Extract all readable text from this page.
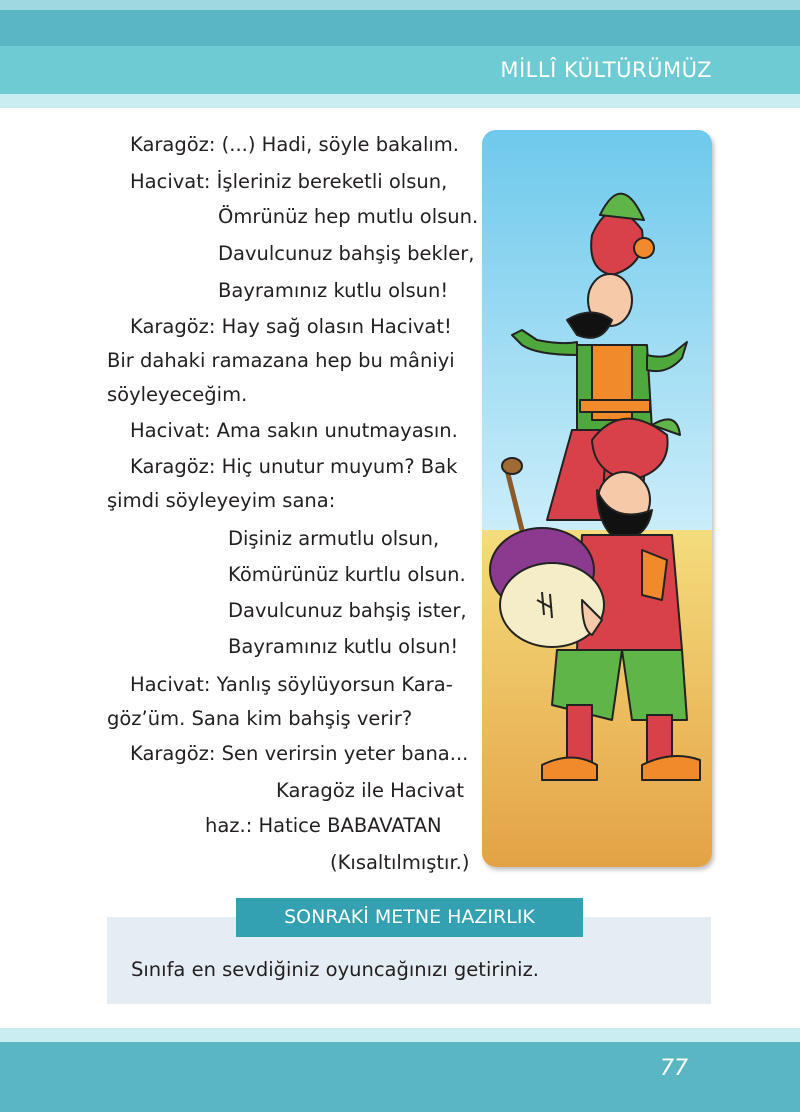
MİLLÎ KÜLTÜRÜMÜZ
Karagöz: (...) Hadi, söyle bakalım.
Hacivat: İşleriniz bereketli olsun,
Ömrünüz hep mutlu olsun.
Davulcunuz bahşiş bekler,
Bayramınız kutlu olsun!
Karagöz: Hay sağ olasın Hacivat!
Bir dahaki ramazana hep bu mâniyi
söyleyeceğim.
Hacivat: Ama sakın unutmayasın.
Karagöz: Hiç unutur muyum? Bak
şimdi söyleyeyim sana:
Dişiniz armutlu olsun,
Kömürünüz kurtlu olsun.
Davulcunuz bahşiş ister,
Bayramınız kutlu olsun!
Hacivat: Yanlış söylüyorsun Kara-
göz’üm. Sana kim bahşiş verir?
Karagöz: Sen verirsin yeter bana...
Karagöz ile Hacivat
haz.: Hatice BABAVATAN
(Kısaltılmıştır.)
SONRAKİ METNE HAZIRLIK
Sınıfa en sevdiğiniz oyuncağınızı getiriniz.
77
